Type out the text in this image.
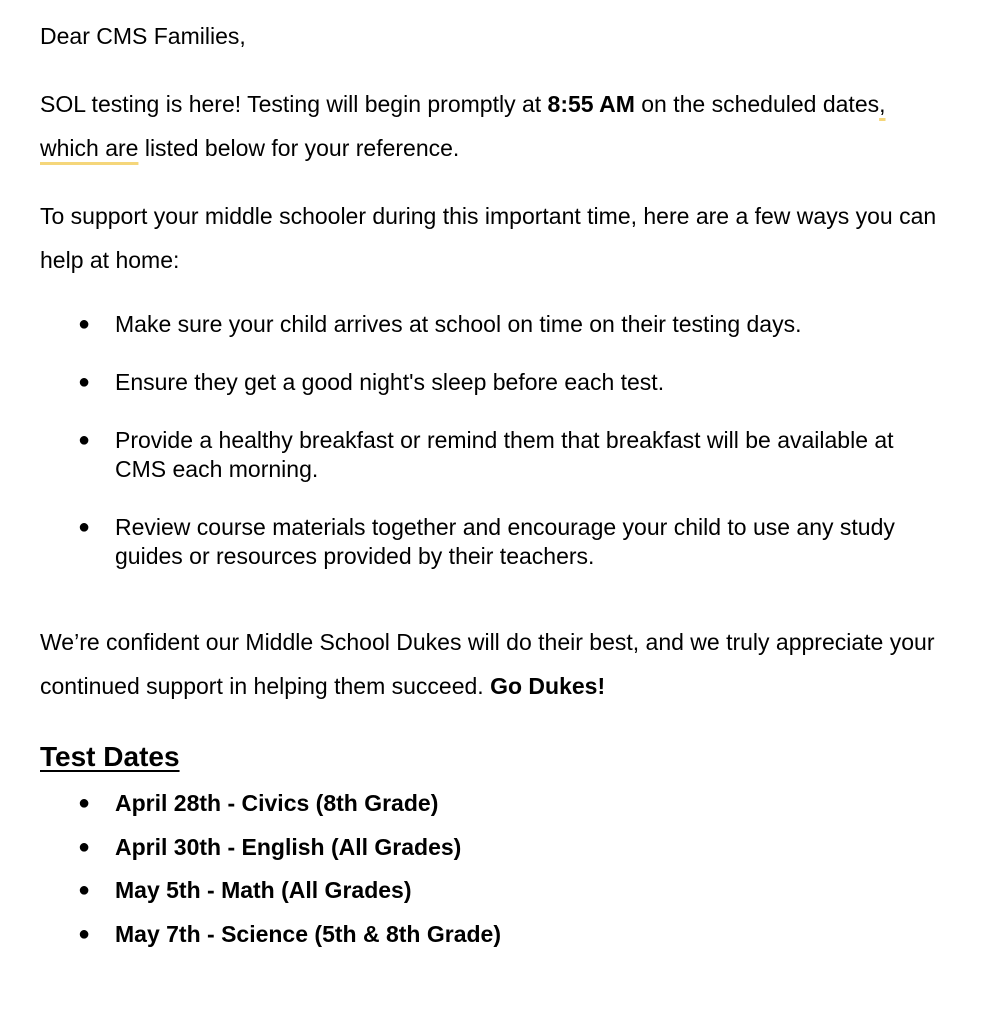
Dear CMS Families,

SOL testing is here! Testing will begin promptly at 8:55 AM on the scheduled dates, which are listed below for your reference.

To support your middle schooler during this important time, here are a few ways you can help at home:

● Make sure your child arrives at school on time on their testing days.
● Ensure they get a good night's sleep before each test.
● Provide a healthy breakfast or remind them that breakfast will be available at CMS each morning.
● Review course materials together and encourage your child to use any study guides or resources provided by their teachers.

We’re confident our Middle School Dukes will do their best, and we truly appreciate your continued support in helping them succeed. Go Dukes!

Test Dates
● April 28th - Civics (8th Grade)
● April 30th - English (All Grades)
● May 5th - Math (All Grades)
● May 7th - Science (5th & 8th Grade)
